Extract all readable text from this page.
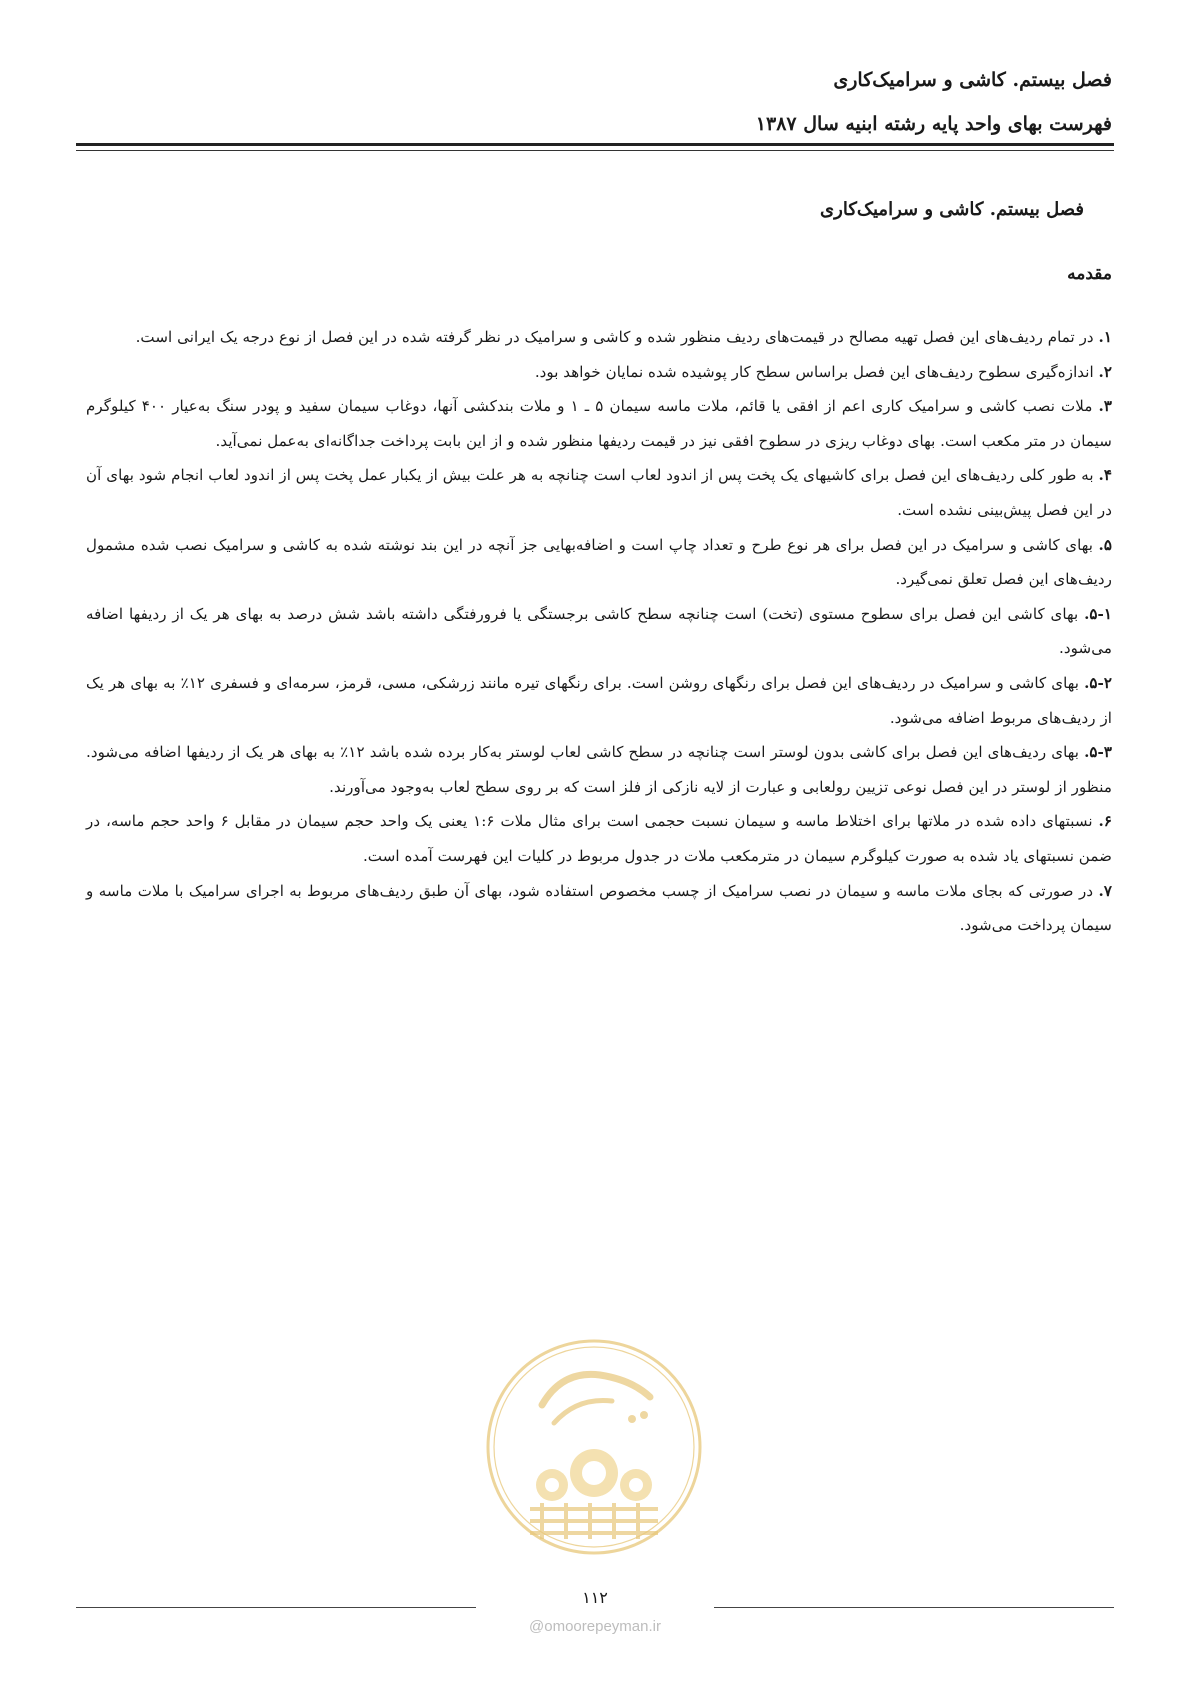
فصل بیستم. کاشی و سرامیک‌کاری

فهرست بهای واحد پایه رشته ابنیه سال ۱۳۸۷

فصل بیستم. کاشی و سرامیک‌کاری

مقدمه

۱. در تمام ردیف‌های این فصل تهیه مصالح در قیمت‌های ردیف منظور شده و کاشی و سرامیک در نظر گرفته شده در این فصل از نوع درجه یک ایرانی است.

۲. اندازه‌گیری سطوح ردیف‌های این فصل براساس سطح کار پوشیده شده نمایان خواهد بود.

۳. ملات نصب کاشی و سرامیک کاری اعم از افقی یا قائم، ملات ماسه سیمان ۵ ـ ۱ و ملات بندکشی آنها، دوغاب سیمان سفید و پودر سنگ به‌عیار ۴۰۰ کیلوگرم سیمان در متر مکعب است. بهای دوغاب ریزی در سطوح افقی نیز در قیمت ردیفها منظور شده و از این بابت پرداخت جداگانه‌ای به‌عمل نمی‌آید.

۴. به طور کلی ردیف‌های این فصل برای کاشیهای یک پخت پس از اندود لعاب است چنانچه به هر علت بیش از یکبار عمل پخت پس از اندود لعاب انجام شود بهای آن در این فصل پیش‌بینی نشده است.

۵. بهای کاشی و سرامیک در این فصل برای هر نوع طرح و تعداد چاپ است و اضافه‌بهایی جز آنچه در این بند نوشته شده به کاشی و سرامیک نصب شده مشمول ردیف‌های این فصل تعلق نمی‌گیرد.

۵-۱. بهای کاشی این فصل برای سطوح مستوی (تخت) است چنانچه سطح کاشی برجستگی یا فرورفتگی داشته باشد شش درصد به بهای هر یک از ردیفها اضافه می‌شود.

۵-۲. بهای کاشی و سرامیک در ردیف‌های این فصل برای رنگهای روشن است. برای رنگهای تیره مانند زرشکی، مسی، قرمز، سرمه‌ای و فسفری ۱۲٪ به بهای هر یک از ردیف‌های مربوط اضافه می‌شود.

۵-۳. بهای ردیف‌های این فصل برای کاشی بدون لوستر است چنانچه در سطح کاشی لعاب لوستر به‌کار برده شده باشد ۱۲٪ به بهای هر یک از ردیفها اضافه می‌شود. منظور از لوستر در این فصل نوعی تزیین رولعابی و عبارت از لایه نازکی از فلز است که بر روی سطح لعاب به‌وجود می‌آورند.

۶. نسبتهای داده شده در ملاتها برای اختلاط ماسه و سیمان نسبت حجمی است برای مثال ملات ۱:۶ یعنی یک واحد حجم سیمان در مقابل ۶ واحد حجم ماسه، در ضمن نسبتهای یاد شده به صورت کیلوگرم سیمان در مترمکعب ملات در جدول مربوط در کلیات این فهرست آمده است.

۷. در صورتی که بجای ملات ماسه و سیمان در نصب سرامیک از چسب مخصوص استفاده شود، بهای آن طبق ردیف‌های مربوط به اجرای سرامیک با ملات ماسه و سیمان پرداخت می‌شود.

۱۱۲
@omoorepeyman.ir
